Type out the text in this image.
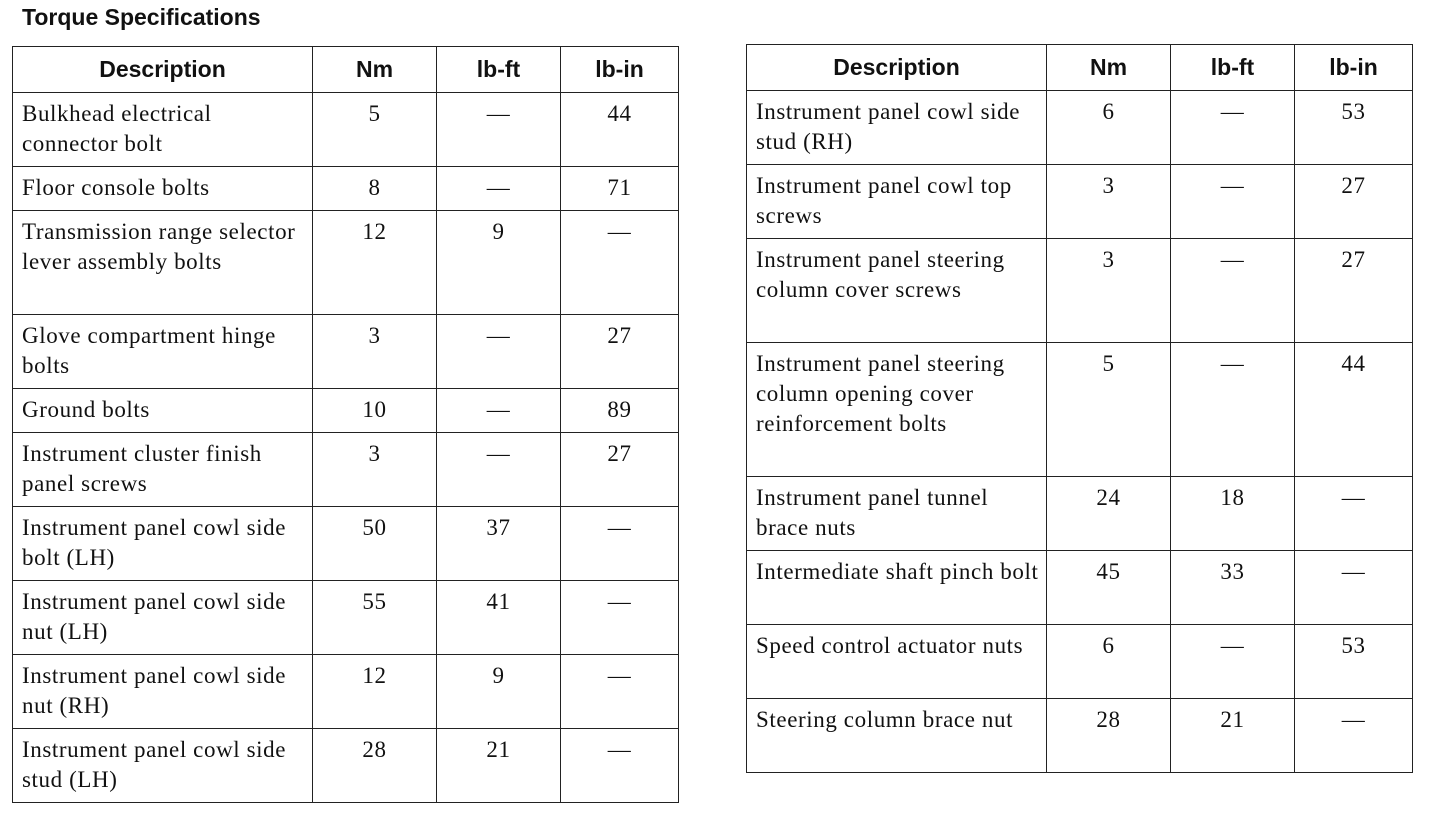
Torque Specifications
Description	Nm	lb-ft	lb-in
Bulkhead electrical connector bolt	5	—	44
Floor console bolts	8	—	71
Transmission range selector lever assembly bolts	12	9	—
Glove compartment hinge bolts	3	—	27
Ground bolts	10	—	89
Instrument cluster finish panel screws	3	—	27
Instrument panel cowl side bolt (LH)	50	37	—
Instrument panel cowl side nut (LH)	55	41	—
Instrument panel cowl side nut (RH)	12	9	—
Instrument panel cowl side stud (LH)	28	21	—
Description	Nm	lb-ft	lb-in
Instrument panel cowl side stud (RH)	6	—	53
Instrument panel cowl top screws	3	—	27
Instrument panel steering column cover screws	3	—	27
Instrument panel steering column opening cover reinforcement bolts	5	—	44
Instrument panel tunnel brace nuts	24	18	—
Intermediate shaft pinch bolt	45	33	—
Speed control actuator nuts	6	—	53
Steering column brace nut	28	21	—
